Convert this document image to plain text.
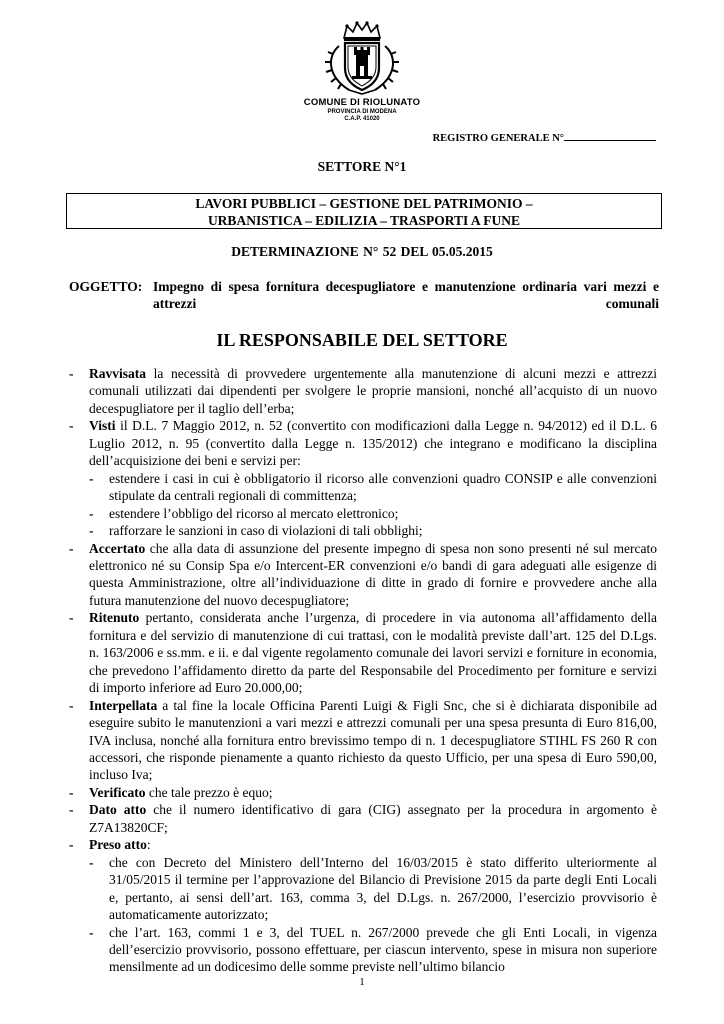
COMUNE DI RIOLUNATO
PROVINCIA DI MODENA
C.A.P. 41020
REGISTRO GENERALE N°
SETTORE N°1
LAVORI PUBBLICI – GESTIONE DEL PATRIMONIO –
URBANISTICA – EDILIZIA – TRASPORTI A FUNE
DETERMINAZIONE N° 52 DEL 05.05.2015
OGGETTO: Impegno di spesa fornitura decespugliatore e manutenzione ordinaria vari mezzi e attrezzi comunali
IL RESPONSABILE DEL SETTORE
- Ravvisata la necessità di provvedere urgentemente alla manutenzione di alcuni mezzi e attrezzi comunali utilizzati dai dipendenti per svolgere le proprie mansioni, nonché all’acquisto di un nuovo decespugliatore per il taglio dell’erba;
- Visti il D.L. 7 Maggio 2012, n. 52 (convertito con modificazioni dalla Legge n. 94/2012) ed il D.L. 6 Luglio 2012, n. 95 (convertito dalla Legge n. 135/2012) che integrano e modificano la disciplina dell’acquisizione dei beni e servizi per:
- estendere i casi in cui è obbligatorio il ricorso alle convenzioni quadro CONSIP e alle convenzioni stipulate da centrali regionali di committenza;
- estendere l’obbligo del ricorso al mercato elettronico;
- rafforzare le sanzioni in caso di violazioni di tali obblighi;
- Accertato che alla data di assunzione del presente impegno di spesa non sono presenti né sul mercato elettronico né su Consip Spa e/o Intercent-ER convenzioni e/o bandi di gara adeguati alle esigenze di questa Amministrazione, oltre all’individuazione di ditte in grado di fornire e provvedere anche alla futura manutenzione del nuovo decespugliatore;
- Ritenuto pertanto, considerata anche l’urgenza, di procedere in via autonoma all’affidamento della fornitura e del servizio di manutenzione di cui trattasi, con le modalità previste dall’art. 125 del D.Lgs. n. 163/2006 e ss.mm. e ii. e dal vigente regolamento comunale dei lavori servizi e forniture in economia, che prevedono l’affidamento diretto da parte del Responsabile del Procedimento per forniture e servizi di importo inferiore ad Euro 20.000,00;
- Interpellata a tal fine la locale Officina Parenti Luigi & Figli Snc, che si è dichiarata disponibile ad eseguire subito le manutenzioni a vari mezzi e attrezzi comunali per una spesa presunta di Euro 816,00, IVA inclusa, nonché alla fornitura entro brevissimo tempo di n. 1 decespugliatore STIHL FS 260 R con accessori, che risponde pienamente a quanto richiesto da questo Ufficio, per una spesa di Euro 590,00, incluso Iva;
- Verificato che tale prezzo è equo;
- Dato atto che il numero identificativo di gara (CIG) assegnato per la procedura in argomento è Z7A13820CF;
- Preso atto:
- che con Decreto del Ministero dell’Interno del 16/03/2015 è stato differito ulteriormente al 31/05/2015 il termine per l’approvazione del Bilancio di Previsione 2015 da parte degli Enti Locali e, pertanto, ai sensi dell’art. 163, comma 3, del D.Lgs. n. 267/2000, l’esercizio provvisorio è automaticamente autorizzato;
- che l’art. 163, commi 1 e 3, del TUEL n. 267/2000 prevede che gli Enti Locali, in vigenza dell’esercizio provvisorio, possono effettuare, per ciascun intervento, spese in misura non superiore mensilmente ad un dodicesimo delle somme previste nell’ultimo bilancio
1
